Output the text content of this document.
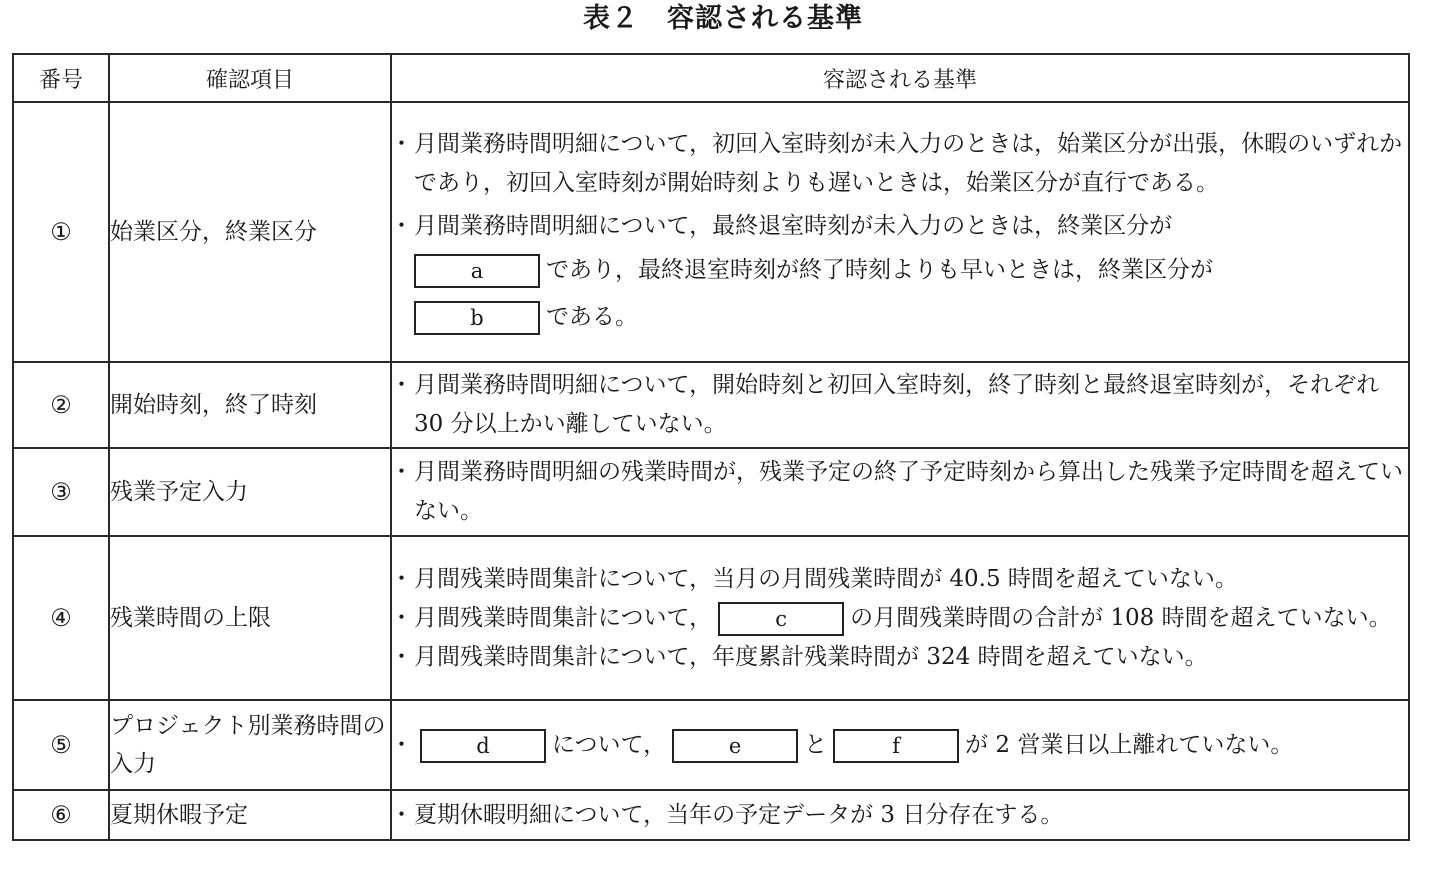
表２　容認される基準
番号	確認項目	容認される基準
①	始業区分，終業区分	・ 月間業務時間明細について，初回入室時刻が未入力のときは，始業区分が出張，休暇のいずれかであり，初回入室時刻が開始時刻よりも遅いときは，始業区分が直行である。
・ 月間業務時間明細について，最終退室時刻が未入力のときは，終業区分が
a であり，最終退室時刻が終了時刻よりも早いときは，終業区分が
b である。

②	開始時刻，終了時刻	・ 月間業務時間明細について，開始時刻と初回入室時刻，終了時刻と最終退室時刻が，それぞれ 30 分以上かい離していない。

③	残業予定入力	・ 月間業務時間明細の残業時間が，残業予定の終了予定時刻から算出した残業予定時間を超えていない。

④	残業時間の上限	・ 月間残業時間集計について，当月の月間残業時間が 40.5 時間を超えていない。
・ 月間残業時間集計について， c の月間残業時間の合計が 108 時間を超えていない。
・ 月間残業時間集計について，年度累計残業時間が 324 時間を超えていない。

⑤	プロジェクト別業務時間の入力	・ d について， e と f が 2 営業日以上離れていない。

⑥	夏期休暇予定	・ 夏期休暇明細について，当年の予定データが 3 日分存在する。
